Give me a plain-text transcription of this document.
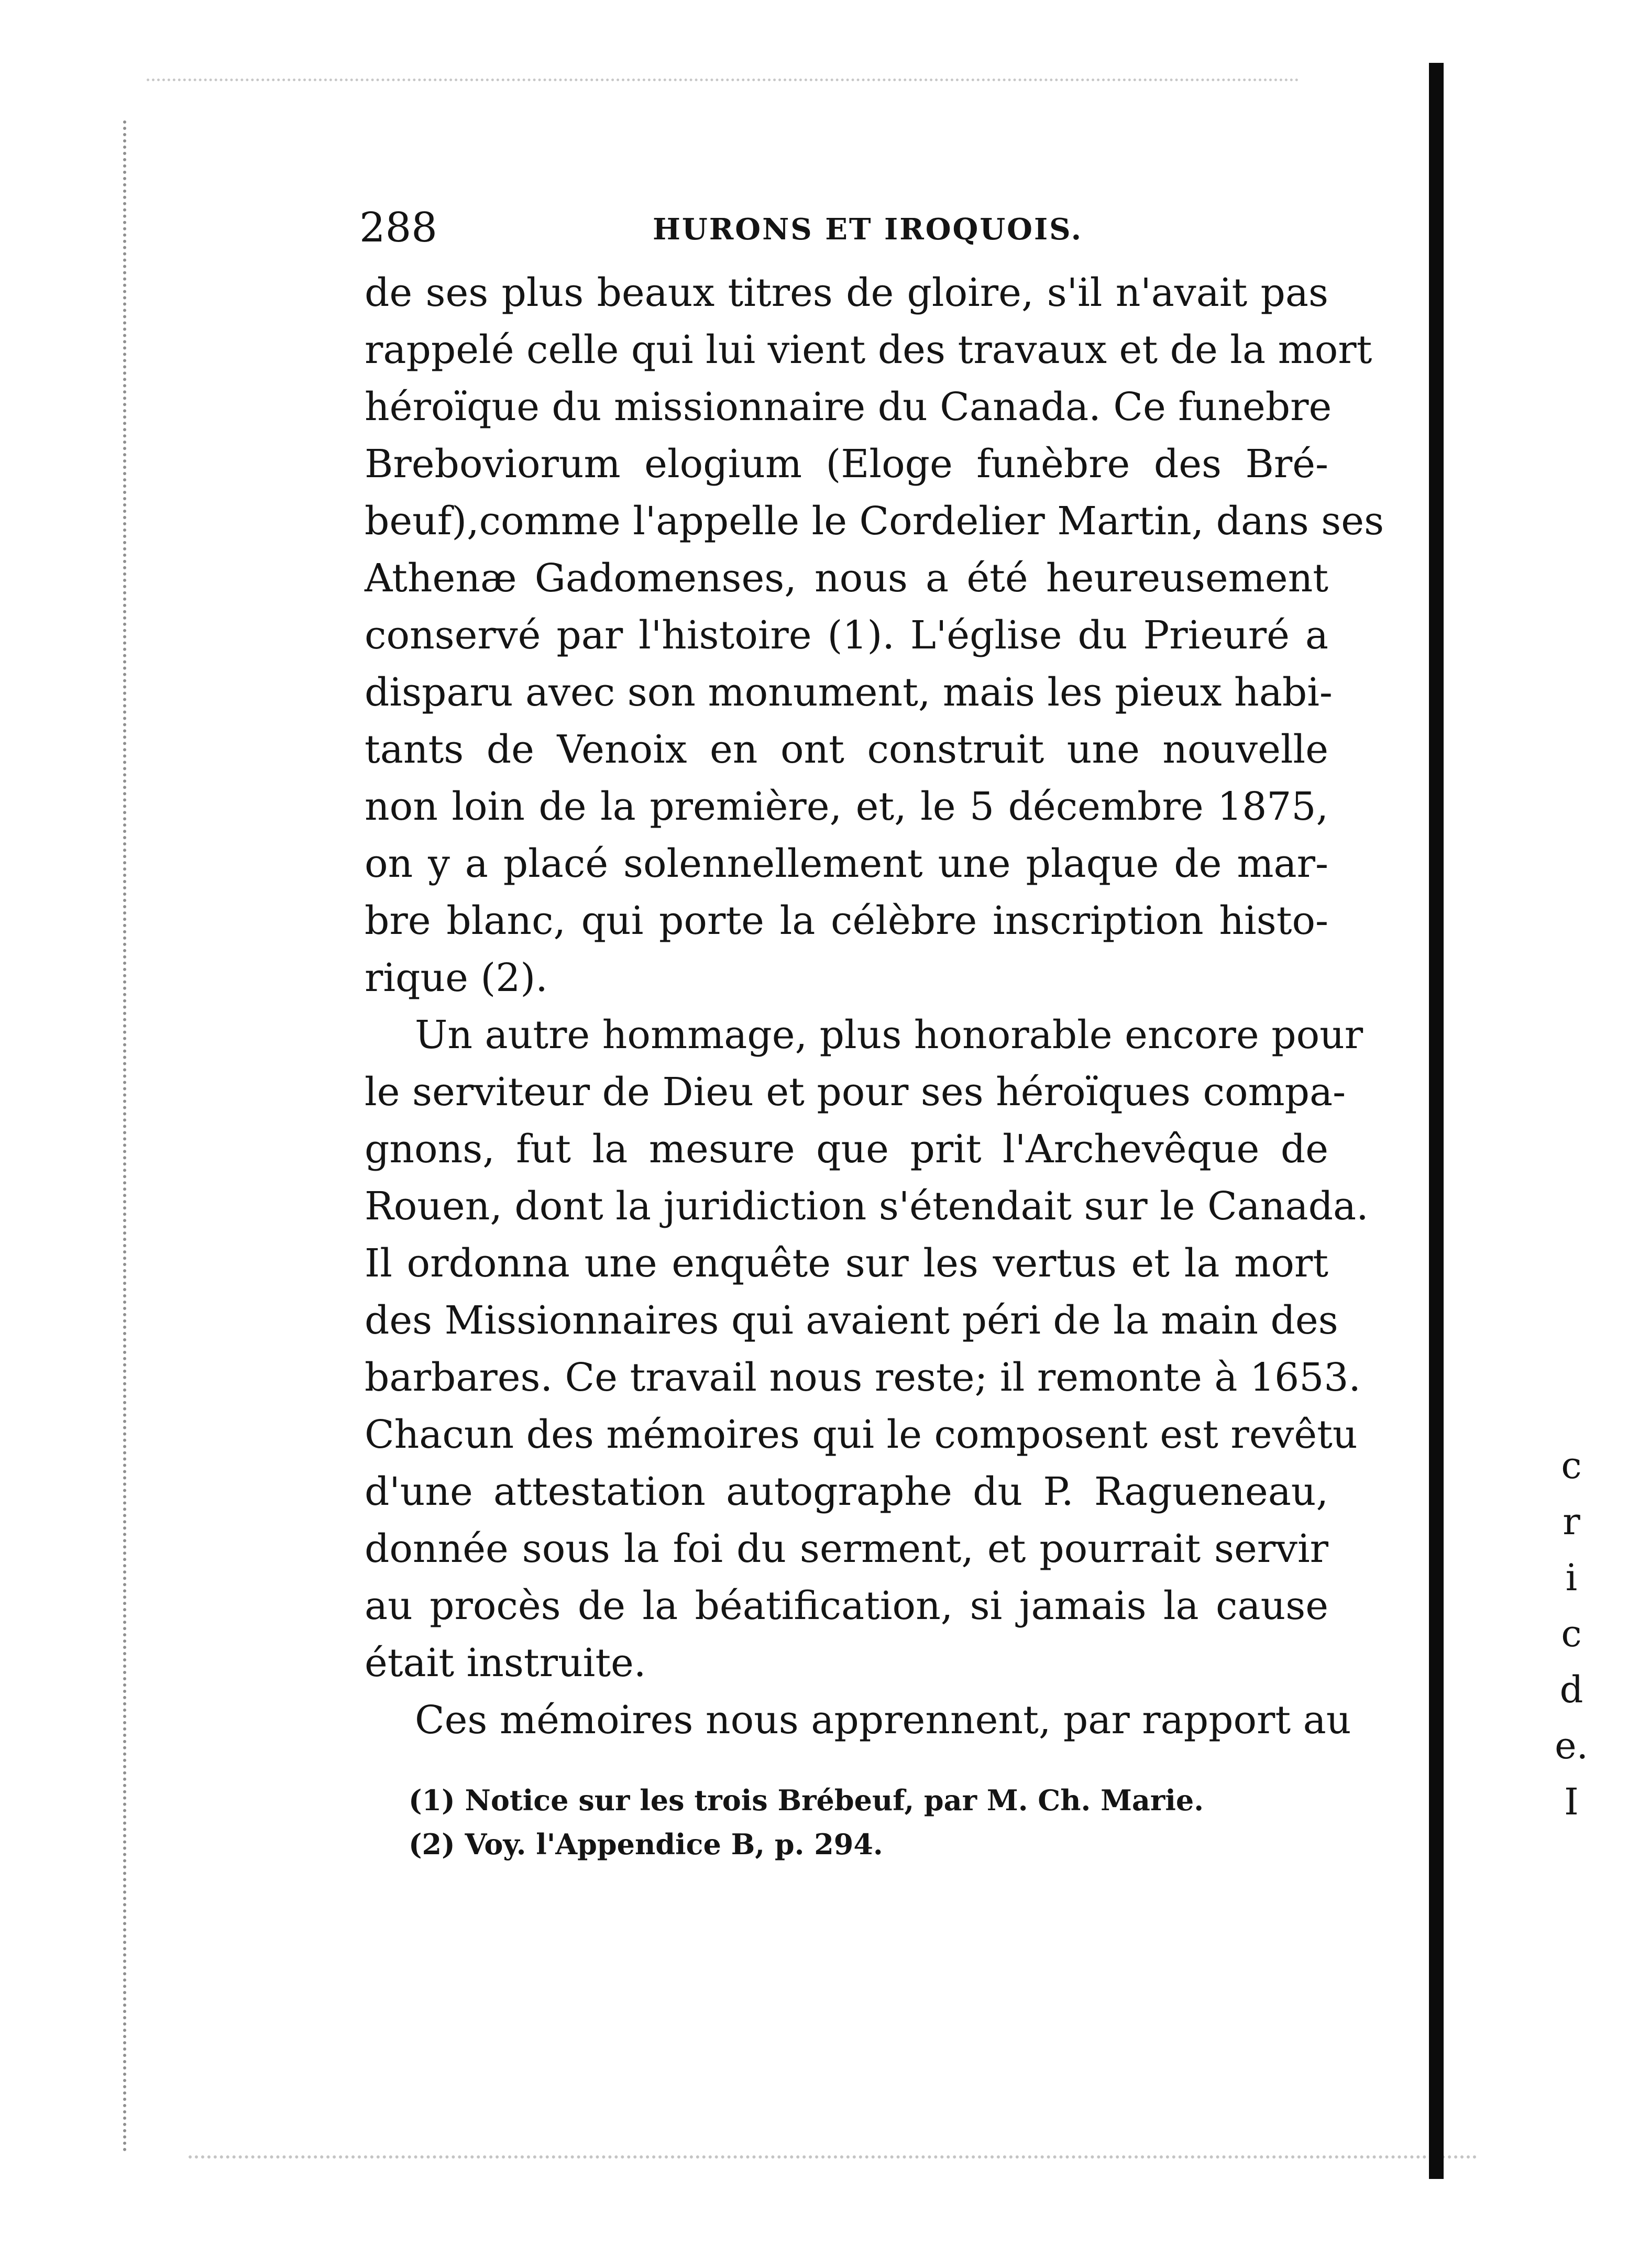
288	HURONS ET IROQUOIS.
de ses plus beaux titres de gloire, s'il n'avait pas
rappelé celle qui lui vient des travaux et de la mort
héroïque du missionnaire du Canada. Ce funebre
Breboviorum elogium (Eloge funèbre des Bré-
beuf),comme l'appelle le Cordelier Martin, dans ses
Athenæ Gadomenses, nous a été heureusement
conservé par l'histoire (1). L'église du Prieuré a
disparu avec son monument, mais les pieux habi-
tants de Venoix en ont construit une nouvelle
non loin de la première, et, le 5 décembre 1875,
on y a placé solennellement une plaque de mar-
bre blanc, qui porte la célèbre inscription histo-
rique (2).
Un autre hommage, plus honorable encore pour
le serviteur de Dieu et pour ses héroïques compa-
gnons, fut la mesure que prit l'Archevêque de
Rouen, dont la juridiction s'étendait sur le Canada.
Il ordonna une enquête sur les vertus et la mort
des Missionnaires qui avaient péri de la main des
barbares. Ce travail nous reste; il remonte à 1653.
Chacun des mémoires qui le composent est revêtu
d'une attestation autographe du P. Ragueneau,
donnée sous la foi du serment, et pourrait servir
au procès de la béatification, si jamais la cause
était instruite.
Ces mémoires nous apprennent, par rapport au
(1) Notice sur les trois Brébeuf, par M. Ch. Marie.
(2) Voy. l'Appendice B, p. 294.
c
r
i
c
d
e.
I
